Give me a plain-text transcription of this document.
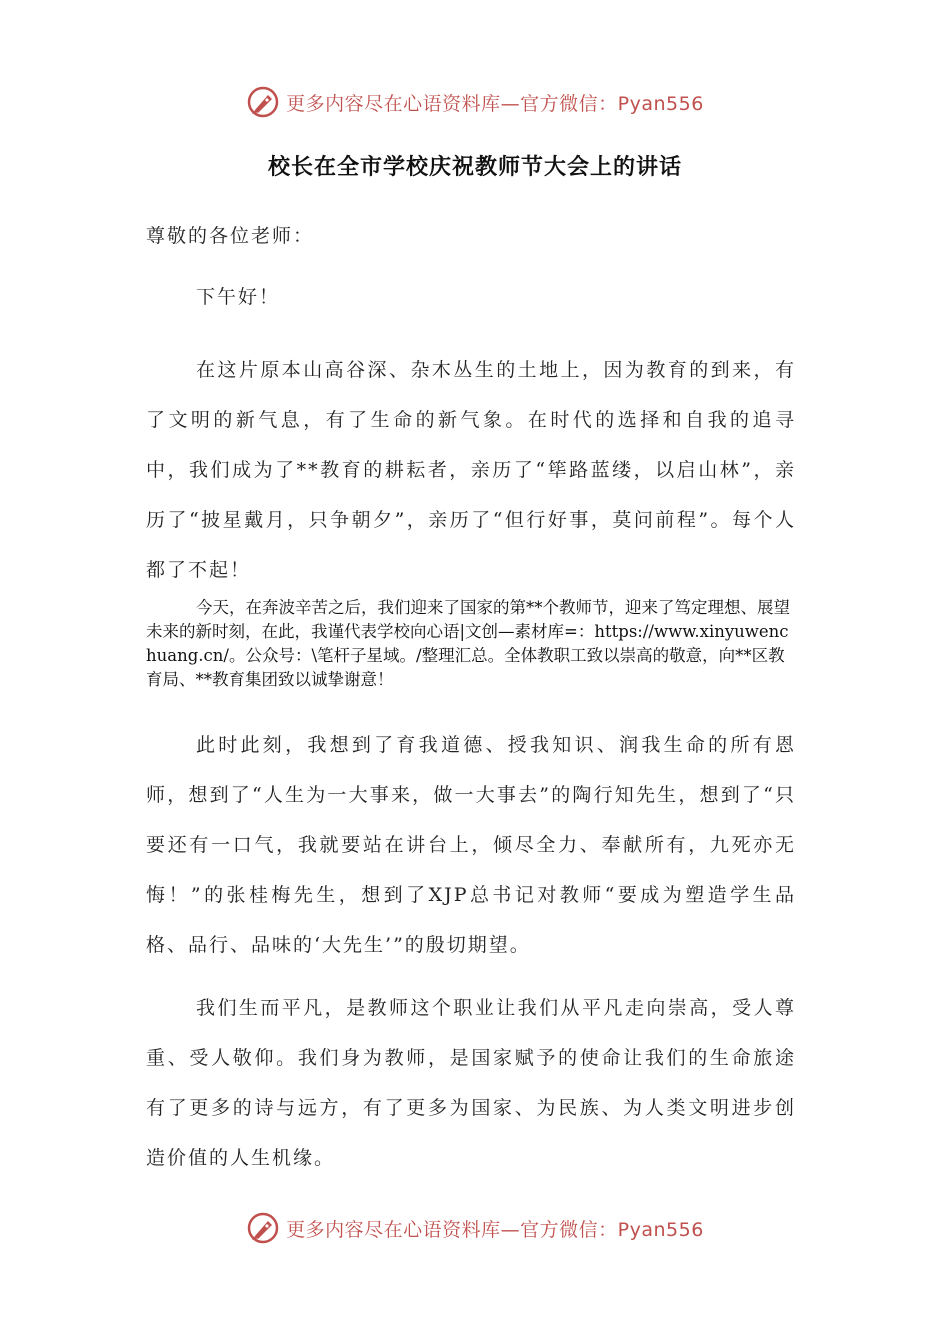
更多内容尽在心语资料库—官方微信：Pyan556
校长在全市学校庆祝教师节大会上的讲话

尊敬的各位老师：

下午好！

在这片原本山高谷深、杂木丛生的土地上，因为教育的到来，有了文明的新气息，有了生命的新气象。在时代的选择和自我的追寻中，我们成为了**教育的耕耘者，亲历了“筚路蓝缕，以启山林”，亲历了“披星戴月，只争朝夕”，亲历了“但行好事，莫问前程”。每个人都了不起！

今天，在奔波辛苦之后，我们迎来了国家的第**个教师节，迎来了笃定理想、展望未来的新时刻，在此，我谨代表学校向心语|文创—素材库=：https://www.xinyuwenchuang.cn/。公众号：\笔杆子星域。/整理汇总。全体教职工致以崇高的敬意，向**区教育局、**教育集团致以诚挚谢意！

此时此刻，我想到了育我道德、授我知识、润我生命的所有恩师，想到了“人生为一大事来，做一大事去”的陶行知先生，想到了“只要还有一口气，我就要站在讲台上，倾尽全力、奉献所有，九死亦无悔！”的张桂梅先生，想到了XJP总书记对教师“要成为塑造学生品格、品行、品味的‘大先生’”的殷切期望。

我们生而平凡，是教师这个职业让我们从平凡走向崇高，受人尊重、受人敬仰。我们身为教师，是国家赋予的使命让我们的生命旅途有了更多的诗与远方，有了更多为国家、为民族、为人类文明进步创造价值的人生机缘。

更多内容尽在心语资料库—官方微信：Pyan556
